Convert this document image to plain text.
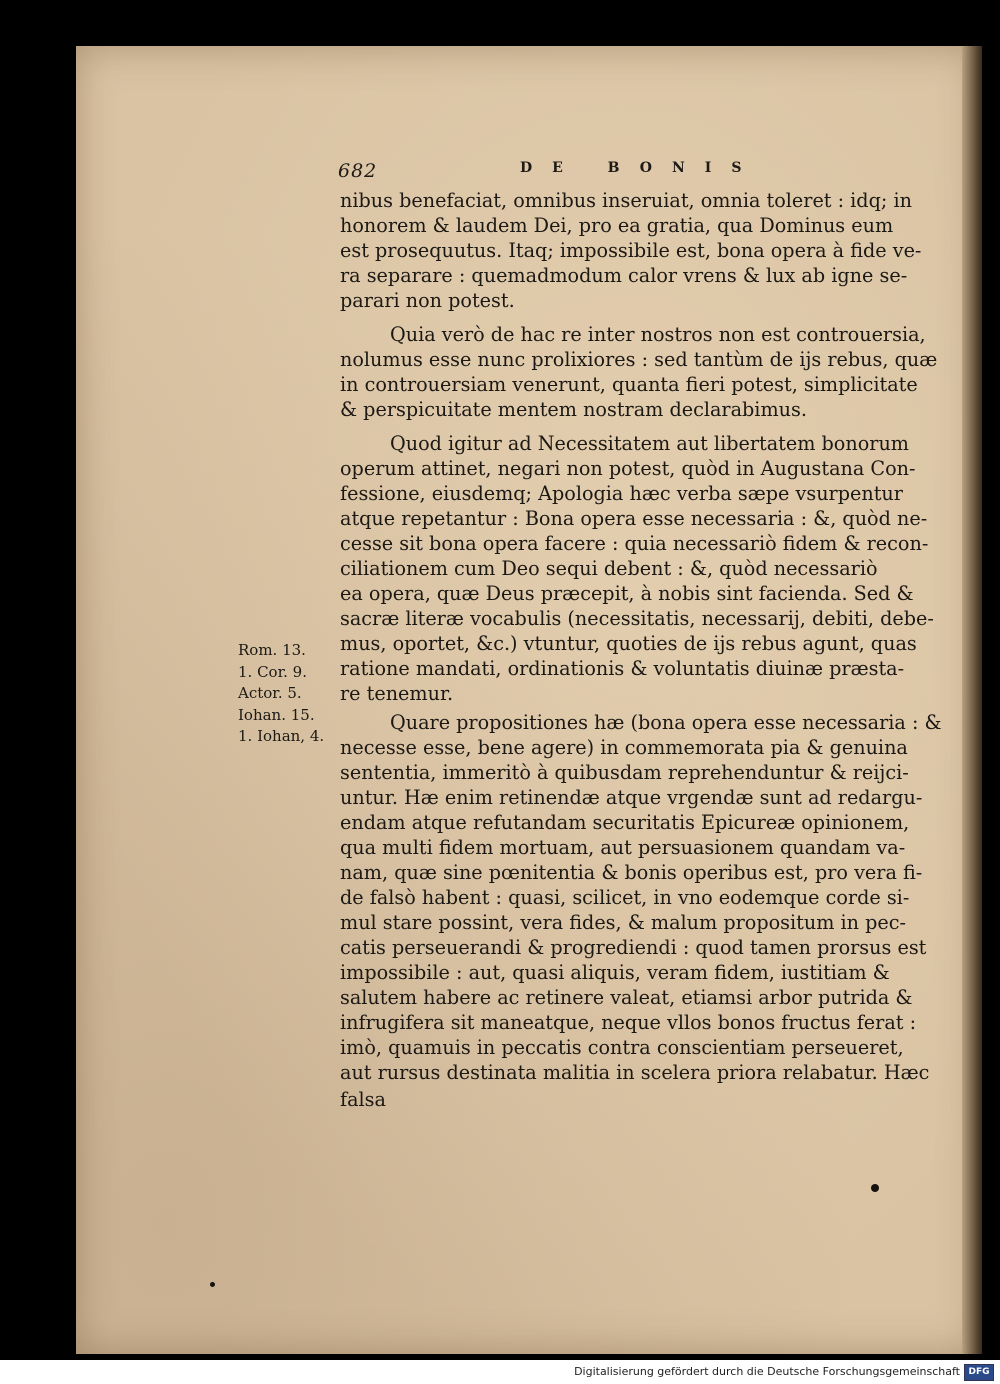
682	DE BONIS

nibus benefaciat, omnibus inseruiat, omnia toleret : idq; in
honorem & laudem Dei, pro ea gratia, qua Dominus eum
est prosequutus. Itaq; impossibile est, bona opera à fide ve-
ra separare : quemadmodum calor vrens & lux ab igne se-
parari non potest.

Quia verò de hac re inter nostros non est controuersia,
nolumus esse nunc prolixiores : sed tantùm de ijs rebus, quæ
in controuersiam venerunt, quanta fieri potest, simplicitate
& perspicuitate mentem nostram declarabimus.

Quod igitur ad Necessitatem aut libertatem bonorum
operum attinet, negari non potest, quòd in Augustana Con-
fessione, eiusdemq; Apologia hæc verba sæpe vsurpentur
atque repetantur : Bona opera esse necessaria : &, quòd ne-
cesse sit bona opera facere : quia necessariò fidem & recon-
ciliationem cum Deo sequi debent : &, quòd necessariò
ea opera, quæ Deus præcepit, à nobis sint facienda. Sed &
sacræ literæ vocabulis (necessitatis, necessarij, debiti, debe-
mus, oportet, &c.) vtuntur, quoties de ijs rebus agunt, quas
ratione mandati, ordinationis & voluntatis diuinæ præsta-
re tenemur.

Quare propositiones hæ (bona opera esse necessaria : &
necesse esse, bene agere) in commemorata pia & genuina
sententia, immeritò à quibusdam reprehenduntur & reijci-
untur. Hæ enim retinendæ atque vrgendæ sunt ad redargu-
endam atque refutandam securitatis Epicureæ opinionem,
qua multi fidem mortuam, aut persuasionem quandam va-
nam, quæ sine pœnitentia & bonis operibus est, pro vera fi-
de falsò habent : quasi, scilicet, in vno eodemque corde si-
mul stare possint, vera fides, & malum propositum in pec-
catis perseuerandi & progrediendi : quod tamen prorsus est
impossibile : aut, quasi aliquis, veram fidem, iustitiam &
salutem habere ac retinere valeat, etiamsi arbor putrida &
infrugifera sit maneatque, neque vllos bonos fructus ferat :
imò, quamuis in peccatis contra conscientiam perseueret,
aut rursus destinata malitia in scelera priora relabatur. Hæc

falsa

Rom. 13.
1. Cor. 9.
Actor. 5.
Iohan. 15.
1. Iohan, 4.
Digitalisierung gefördert durch die Deutsche Forschungsgemeinschaft DFG
